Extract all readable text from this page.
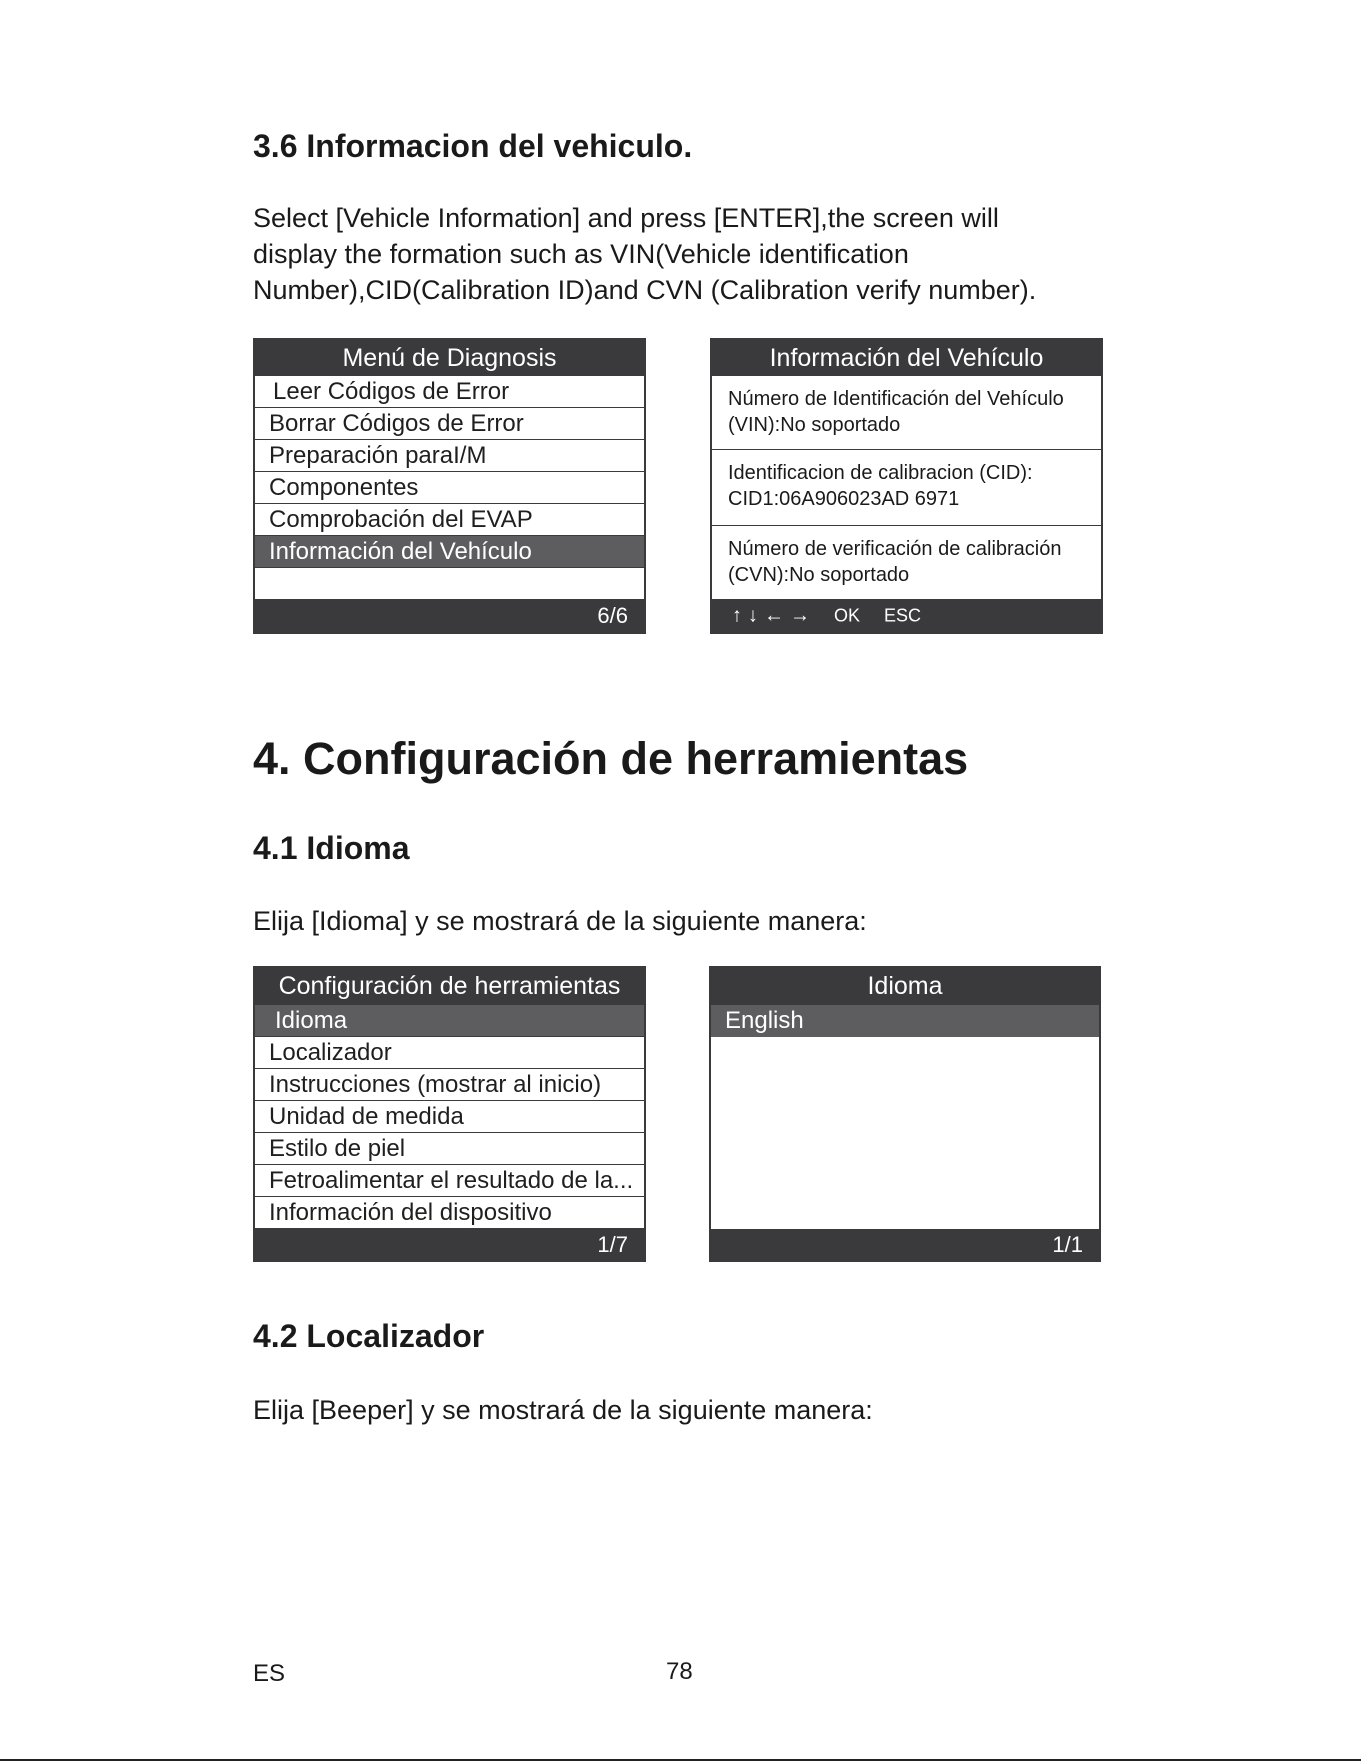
3.6 Informacion del vehiculo.

Select [Vehicle Information] and press [ENTER],the screen will

display the formation such as VIN(Vehicle identification

Number),CID(Calibration ID)and CVN (Calibration verify number).

Menú de Diagnosis
Leer Códigos de Error
Borrar Códigos de Error
Preparación paraI/M
Componentes
Comprobación del EVAP
Información del Vehículo
6/6
Información del Vehículo

Número de Identificación del Vehículo

(VIN):No soportado

Identificacion de calibracion (CID):

CID1:06A906023AD 6971

Número de verificación de calibración

(CVN):No soportado

↑ ↓ ← → OK ESC
4. Configuración de herramientas
4.1 Idioma
Elija [Idioma] y se mostrará de la siguiente manera:
Configuración de herramientas
Idioma
Localizador
Instrucciones (mostrar al inicio)
Unidad de medida
Estilo de piel
Fetroalimentar el resultado de la...
Información del dispositivo
1/7
Idioma
English
1/1
4.2 Localizador
Elija [Beeper] y se mostrará de la siguiente manera:
ES	78
